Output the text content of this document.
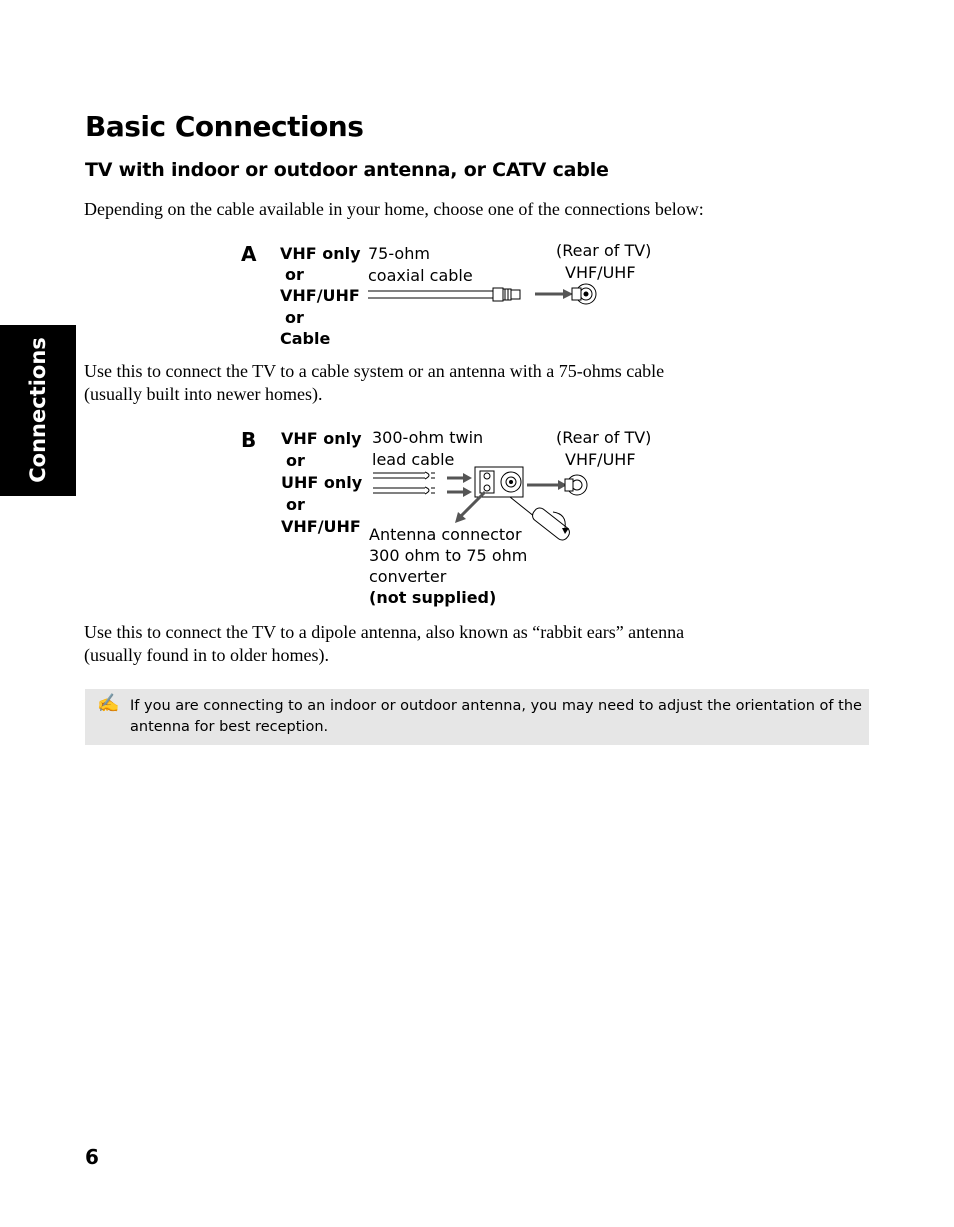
Connections
Basic Connections
TV with indoor or outdoor antenna, or CATV cable

Depending on the cable available in your home, choose one of the connections below:

A VHF only
or
VHF/UHF
or
Cable
75-ohm
coaxial cable
(Rear of TV)
VHF/UHF

Use this to connect the TV to a cable system or an antenna with a 75-ohms cable
(usually built into newer homes).

B VHF only
or
UHF only
or
VHF/UHF
300-ohm twin
lead cable
(Rear of TV)
VHF/UHF
Antenna connector
300 ohm to 75 ohm
converter
(not supplied)

Use this to connect the TV to a dipole antenna, also known as “rabbit ears” antenna
(usually found in to older homes).

✍ If you are connecting to an indoor or outdoor antenna, you may need to adjust the orientation of the antenna for best reception.

6
